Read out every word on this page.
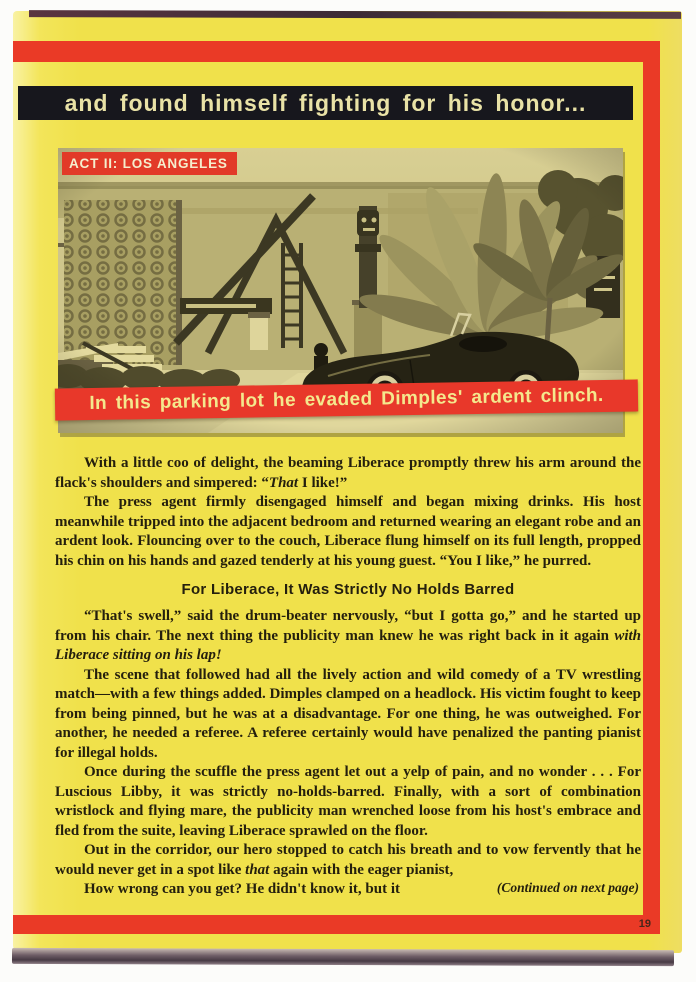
19
and found himself fighting for his honor...
ACT II: LOS ANGELES
In this parking lot he evaded Dimples' ardent clinch.

With a little coo of delight, the beaming Liberace promptly threw his arm around the flack's shoulders and simpered: “That I like!”

The press agent firmly disengaged himself and began mixing drinks. His host meanwhile tripped into the adjacent bedroom and returned wearing an elegant robe and an ardent look. Flouncing over to the couch, Liberace flung himself on its full length, propped his chin on his hands and gazed tenderly at his young guest. “You I like,” he purred.

For Liberace, It Was Strictly No Holds Barred

“That's swell,” said the drum-beater nervously, “but I gotta go,” and he started up from his chair. The next thing the publicity man knew he was right back in it again with Liberace sitting on his lap!

The scene that followed had all the lively action and wild comedy of a TV wrestling match—with a few things added. Dimples clamped on a headlock. His victim fought to keep from being pinned, but he was at a disadvantage. For one thing, he was outweighed. For another, he needed a referee. A referee certainly would have penalized the panting pianist for illegal holds.

Once during the scuffle the press agent let out a yelp of pain, and no wonder . . . For Luscious Libby, it was strictly no-holds-barred. Finally, with a sort of combination wristlock and flying mare, the publicity man wrenched loose from his host's embrace and fled from the suite, leaving Liberace sprawled on the floor.

Out in the corridor, our hero stopped to catch his breath and to vow fervently that he would never get in a spot like that again with the eager pianist,

How wrong can you get? He didn't know it, but it	(Continued on next page)
